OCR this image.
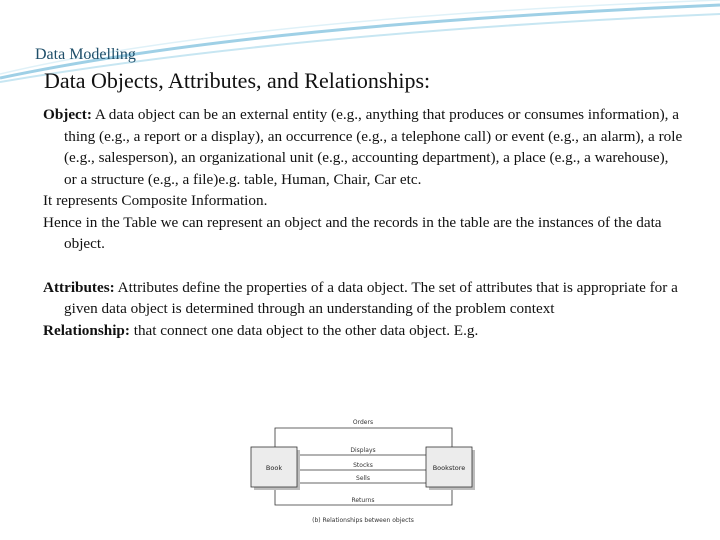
Data Modelling
Data Objects, Attributes, and Relationships:

Object: A data object can be an external entity (e.g., anything that produces or consumes information), a thing (e.g., a report or a display), an occurrence (e.g., a telephone call) or event (e.g., an alarm), a role (e.g., salesperson), an organizational unit (e.g., accounting department), a place (e.g., a warehouse), or a structure (e.g., a file)e.g. table, Human, Chair, Car etc.

It represents Composite Information.

Hence in the Table we can represent an object and the records in the table are the instances of the data object.

Attributes: Attributes define the properties of a data object. The set of attributes that is appropriate for a given data object is determined through an understanding of the problem context

Relationship: that connect one data object to the other data object. E.g.

Orders
Displays
Stocks
Sells
Returns
Book	Bookstore
(b) Relationships between objects
